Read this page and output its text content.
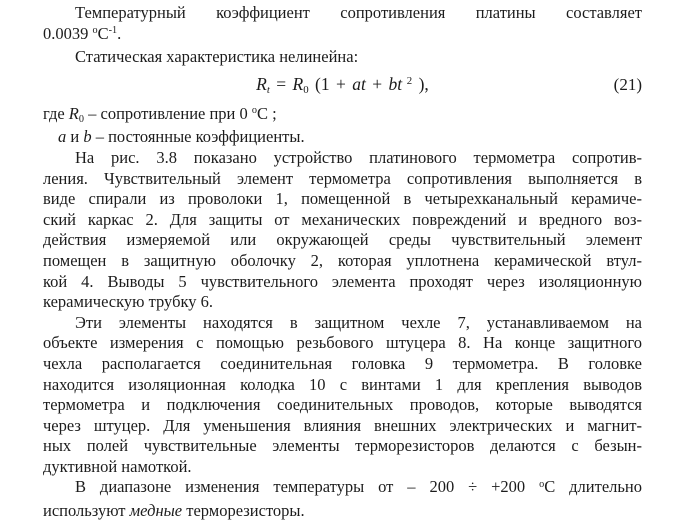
Температурный коэффициент сопротивления платины составляет
0.0039 $^оС^{-1}$.
Статическая характеристика нелинейна:
Rt = R0 (1 + at + bt $^2$ ),	(21)
где R0 – сопротивление при 0 $^о$С ;
а и b – постоянные коэффициенты.
На рис. 3.8 показано устройство платинового термометра сопротив-
ления. Чувствительный элемент термометра сопротивления выполняется в
виде спирали из проволоки 1, помещенной в четырехканальный керамиче-
ский каркас 2. Для защиты от механических повреждений и вредного воз-
действия измеряемой или окружающей среды чувствительный элемент
помещен в защитную оболочку 2, которая уплотнена керамической втул-
кой 4. Выводы 5 чувствительного элемента проходят через изоляционную
керамическую трубку 6.
Эти элементы находятся в защитном чехле 7, устанавливаемом на
объекте измерения с помощью резьбового штуцера 8. На конце защитного
чехла располагается соединительная головка 9 термометра. В головке
находится изоляционная колодка 10 с винтами 1 для крепления выводов
термометра и подключения соединительных проводов, которые выводятся
через штуцер. Для уменьшения влияния внешних электрических и магнит-
ных полей чувствительные элементы терморезисторов делаются с безын-
дуктивной намоткой.
В диапазоне изменения температуры от – 200 ÷ +200 $^о$С длительно
используют медные терморезисторы.
